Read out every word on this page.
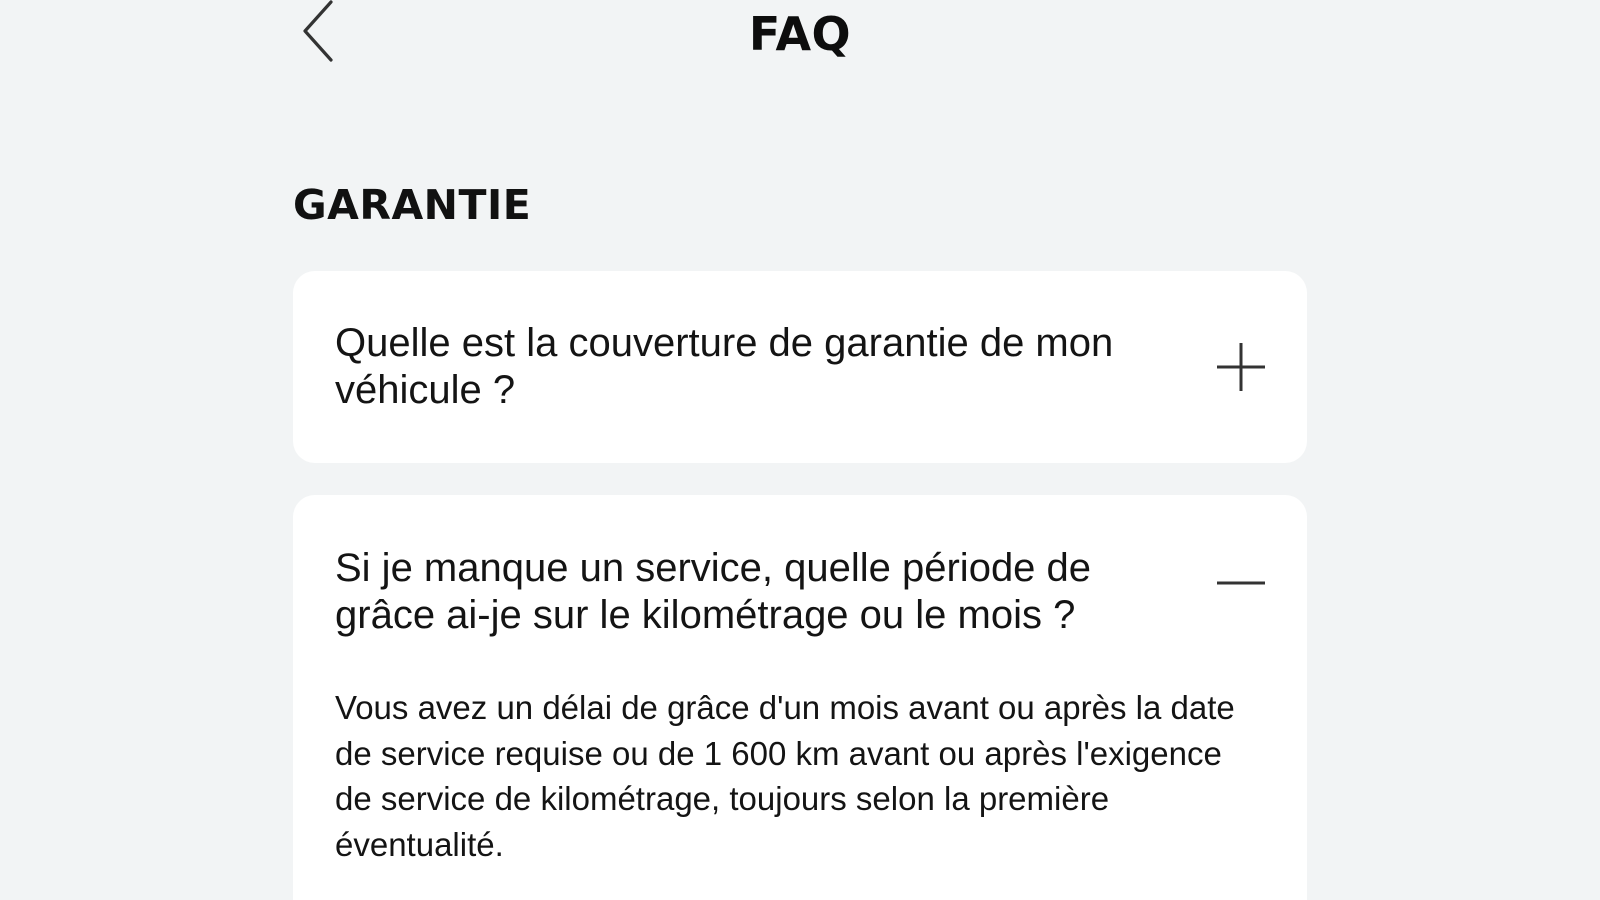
FAQ
GARANTIE
Quelle est la couverture de garantie de mon véhicule ?
Si je manque un service, quelle période de grâce ai-je sur le kilométrage ou le mois ?
Vous avez un délai de grâce d'un mois avant ou après la date de service requise ou de 1 600 km avant ou après l'exigence de service de kilométrage, toujours selon la première éventualité.
